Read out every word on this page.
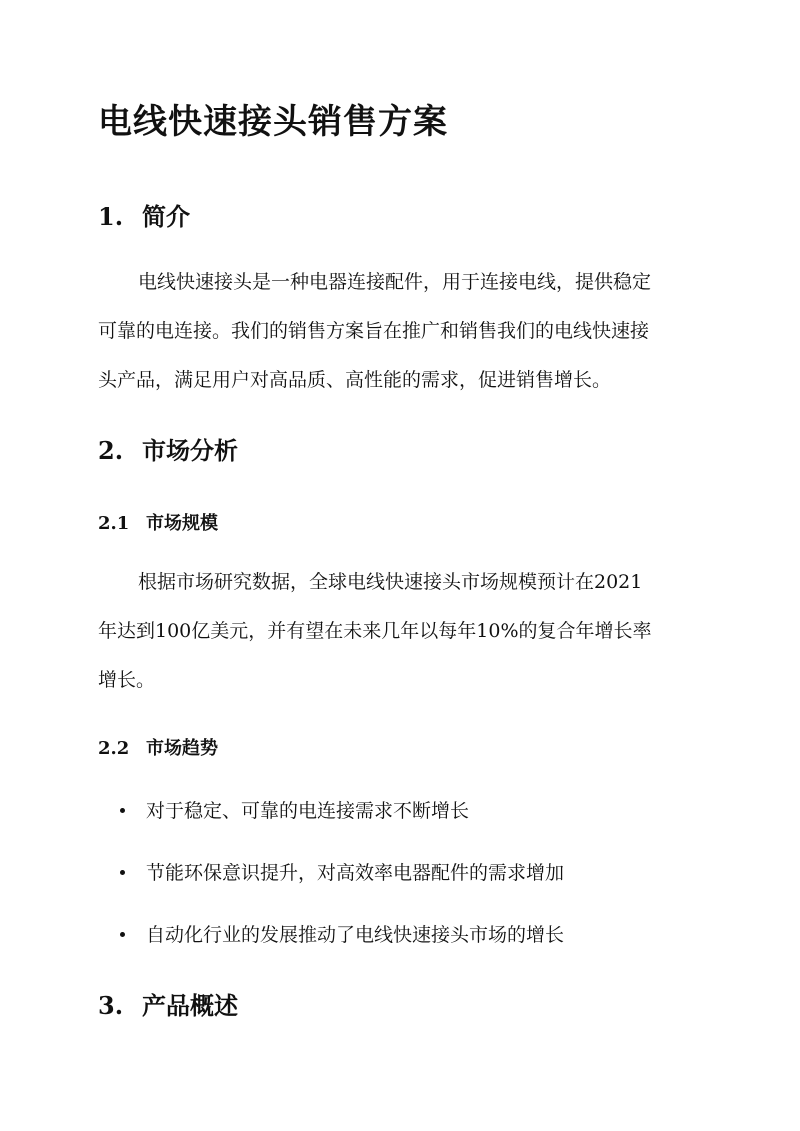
电线快速接头销售方案
1. 简介

电线快速接头是一种电器连接配件，用于连接电线，提供稳定
可靠的电连接。我们的销售方案旨在推广和销售我们的电线快速接
头产品，满足用户对高品质、高性能的需求，促进销售增长。

2. 市场分析
2.1 市场规模

根据市场研究数据，全球电线快速接头市场规模预计在2021
年达到100亿美元，并有望在未来几年以每年10%的复合年增长率
增长。

2.2 市场趋势
对于稳定、可靠的电连接需求不断增长
节能环保意识提升，对高效率电器配件的需求增加
自动化行业的发展推动了电线快速接头市场的增长
3. 产品概述
